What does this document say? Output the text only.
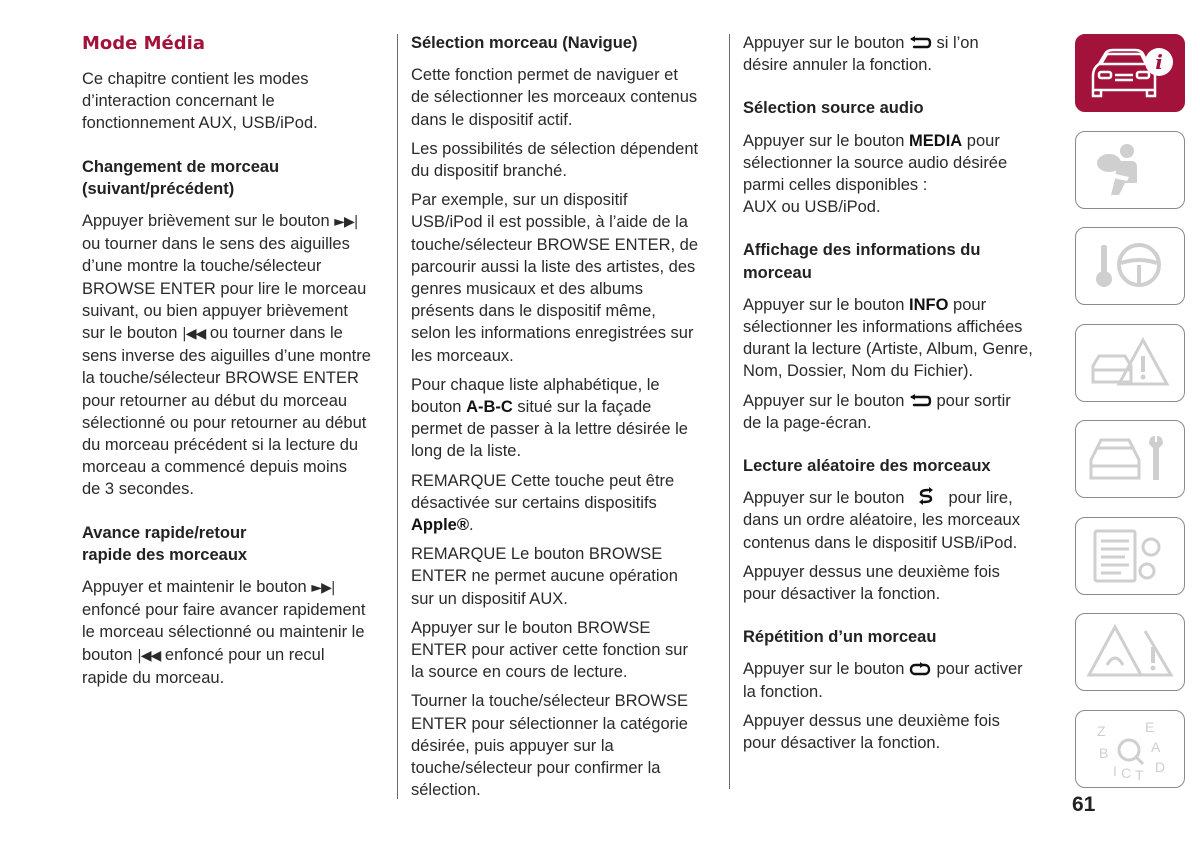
Mode Média

Ce chapitre contient les modes
d’interaction concernant le
fonctionnement AUX, USB/iPod.

Changement de morceau
(suivant/précédent)

Appuyer brièvement sur le bouton ►▶|
ou tourner dans le sens des aiguilles
d’une montre la touche/sélecteur
BROWSE ENTER pour lire le morceau
suivant, ou bien appuyer brièvement
sur le bouton |◀◀ ou tourner dans le
sens inverse des aiguilles d’une montre
la touche/sélecteur BROWSE ENTER
pour retourner au début du morceau
sélectionné ou pour retourner au début
du morceau précédent si la lecture du
morceau a commencé depuis moins
de 3 secondes.

Avance rapide/retour
rapide des morceaux

Appuyer et maintenir le bouton ►▶|
enfoncé pour faire avancer rapidement
le morceau sélectionné ou maintenir le
bouton |◀◀ enfoncé pour un recul
rapide du morceau.

Sélection morceau (Navigue)

Cette fonction permet de naviguer et
de sélectionner les morceaux contenus
dans le dispositif actif.

Les possibilités de sélection dépendent
du dispositif branché.

Par exemple, sur un dispositif
USB/iPod il est possible, à l’aide de la
touche/sélecteur BROWSE ENTER, de
parcourir aussi la liste des artistes, des
genres musicaux et des albums
présents dans le dispositif même,
selon les informations enregistrées sur
les morceaux.

Pour chaque liste alphabétique, le
bouton A-B-C situé sur la façade
permet de passer à la lettre désirée le
long de la liste.

REMARQUE Cette touche peut être
désactivée sur certains dispositifs
Apple®.

REMARQUE Le bouton BROWSE
ENTER ne permet aucune opération
sur un dispositif AUX.

Appuyer sur le bouton BROWSE
ENTER pour activer cette fonction sur
la source en cours de lecture.

Tourner la touche/sélecteur BROWSE
ENTER pour sélectionner la catégorie
désirée, puis appuyer sur la
touche/sélecteur pour confirmer la
sélection.

Appuyer sur le bouton si l’on
désire annuler la fonction.

Sélection source audio

Appuyer sur le bouton MEDIA pour
sélectionner la source audio désirée
parmi celles disponibles :
AUX ou USB/iPod.

Affichage des informations du
morceau

Appuyer sur le bouton INFO pour
sélectionner les informations affichées
durant la lecture (Artiste, Album, Genre,
Nom, Dossier, Nom du Fichier).

Appuyer sur le bouton pour sortir
de la page-écran.

Lecture aléatoire des morceaux

Appuyer sur le bouton	pour lire,
dans un ordre aléatoire, les morceaux
contenus dans le dispositif USB/iPod.

Appuyer dessus une deuxième fois
pour désactiver la fonction.

Répétition d’un morceau

Appuyer sur le bouton pour activer
la fonction.

Appuyer dessus une deuxième fois
pour désactiver la fonction.

i
Z	E
B	A
I C T D
61
